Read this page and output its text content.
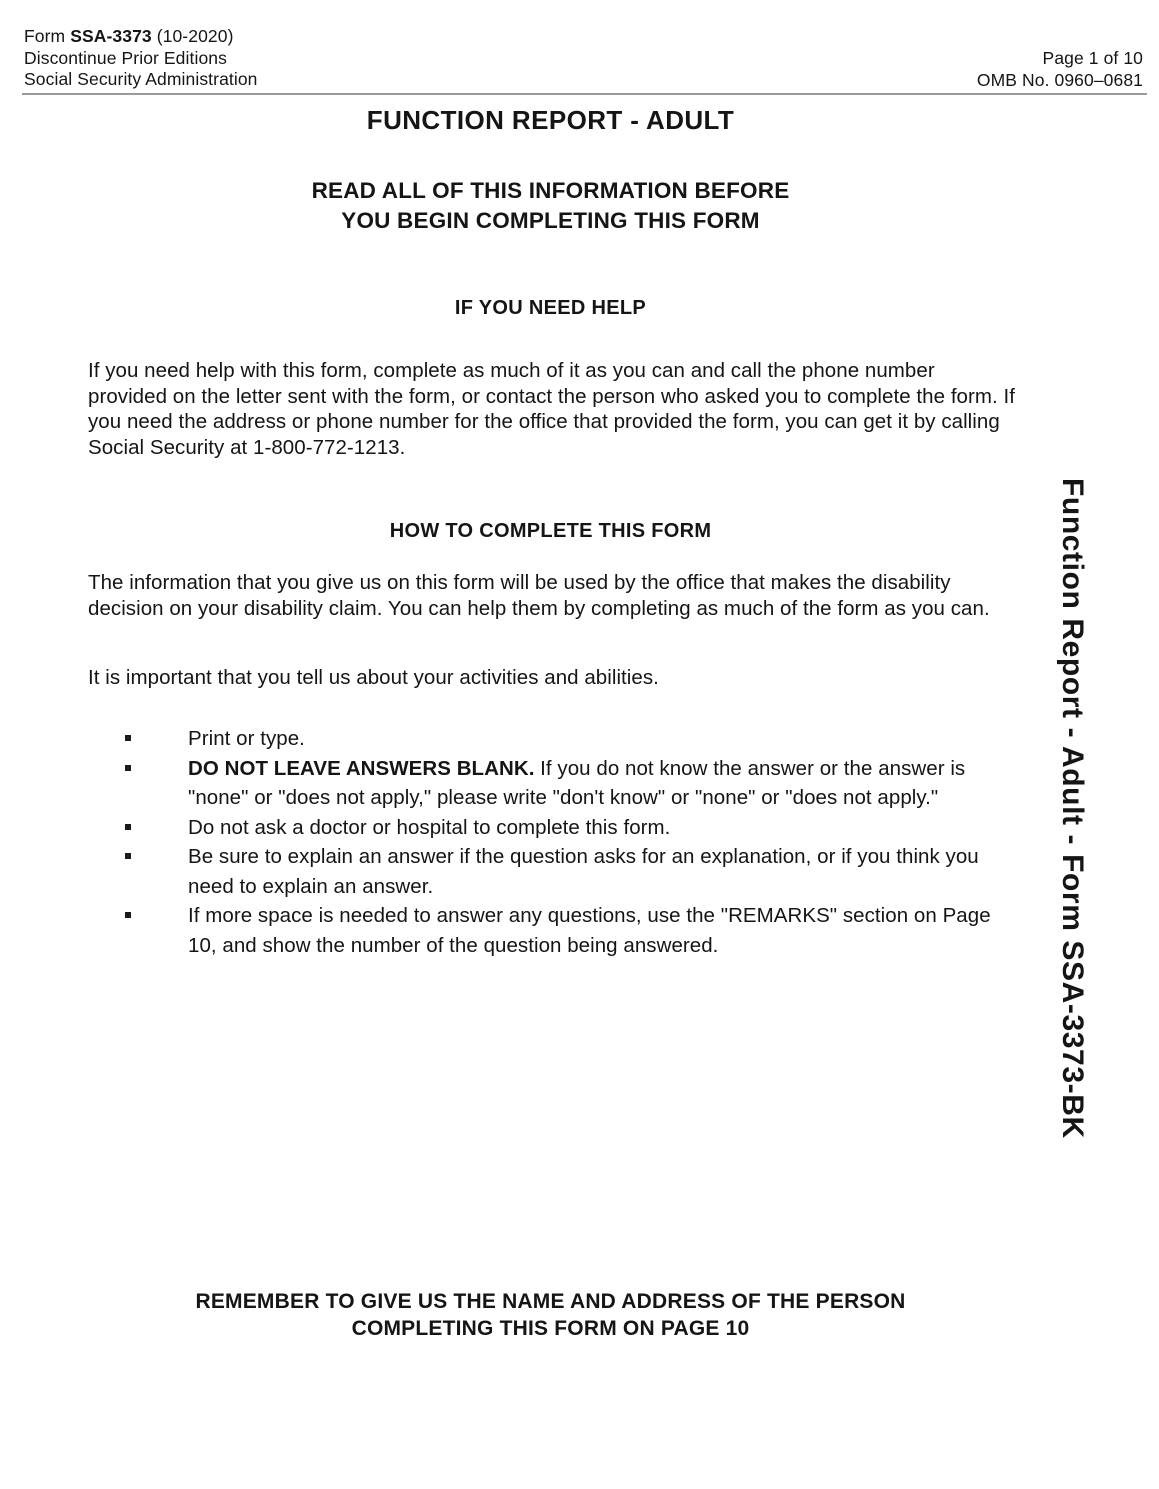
Form SSA-3373 (10-2020)
Discontinue Prior Editions
Social Security Administration
Page 1 of 10
OMB No. 0960–0681
FUNCTION REPORT - ADULT
READ ALL OF THIS INFORMATION BEFORE
YOU BEGIN COMPLETING THIS FORM
IF YOU NEED HELP
If you need help with this form, complete as much of it as you can and call the phone number provided on the letter sent with the form, or contact the person who asked you to complete the form. If you need the address or phone number for the office that provided the form, you can get it by calling Social Security at 1-800-772-1213.
HOW TO COMPLETE THIS FORM
The information that you give us on this form will be used by the office that makes the disability decision on your disability claim. You can help them by completing as much of the form as you can.
It is important that you tell us about your activities and abilities.
Print or type.
DO NOT LEAVE ANSWERS BLANK. If you do not know the answer or the answer is "none" or "does not apply," please write "don't know" or "none" or "does not apply."
Do not ask a doctor or hospital to complete this form.
Be sure to explain an answer if the question asks for an explanation, or if you think you need to explain an answer.
If more space is needed to answer any questions, use the "REMARKS" section on Page 10, and show the number of the question being answered.	Function Report - Adult - Form SSA-3373-BK
REMEMBER TO GIVE US THE NAME AND ADDRESS OF THE PERSON
COMPLETING THIS FORM ON PAGE 10
